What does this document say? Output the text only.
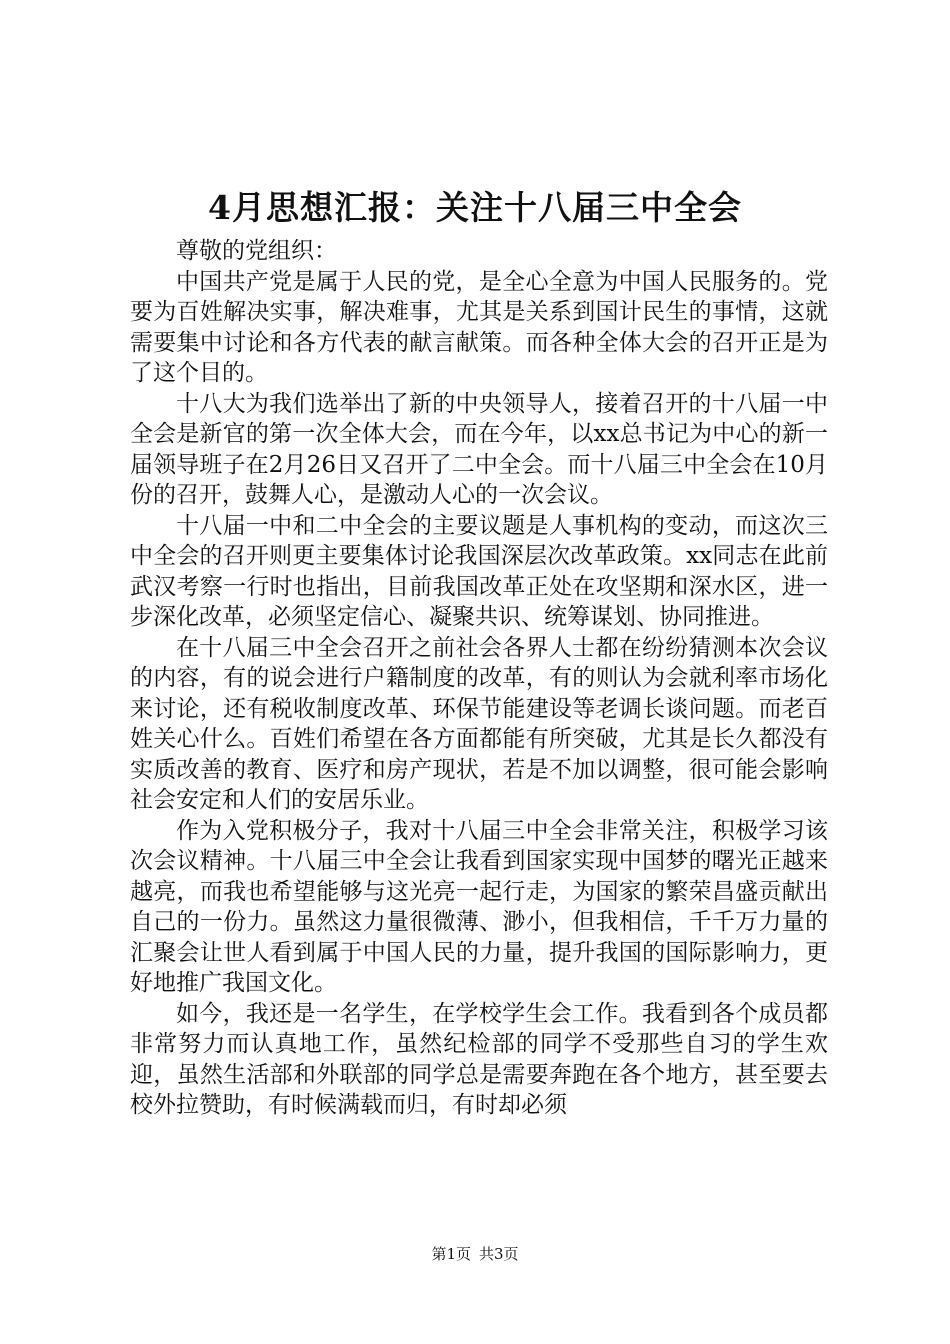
4月思想汇报：关注十八届三中全会

尊敬的党组织：

中国共产党是属于人民的党，是全心全意为中国人民服务的。党要为百姓解决实事，解决难事，尤其是关系到国计民生的事情，这就需要集中讨论和各方代表的献言献策。而各种全体大会的召开正是为了这个目的。

十八大为我们选举出了新的中央领导人，接着召开的十八届一中全会是新官的第一次全体大会，而在今年，以xx总书记为中心的新一届领导班子在2月26日又召开了二中全会。而十八届三中全会在10月份的召开，鼓舞人心，是激动人心的一次会议。

十八届一中和二中全会的主要议题是人事机构的变动，而这次三中全会的召开则更主要集体讨论我国深层次改革政策。xx同志在此前武汉考察一行时也指出，目前我国改革正处在攻坚期和深水区，进一步深化改革，必须坚定信心、凝聚共识、统筹谋划、协同推进。

在十八届三中全会召开之前社会各界人士都在纷纷猜测本次会议的内容，有的说会进行户籍制度的改革，有的则认为会就利率市场化来讨论，还有税收制度改革、环保节能建设等老调长谈问题。而老百姓关心什么。百姓们希望在各方面都能有所突破，尤其是长久都没有实质改善的教育、医疗和房产现状，若是不加以调整，很可能会影响社会安定和人们的安居乐业。

作为入党积极分子，我对十八届三中全会非常关注，积极学习该次会议精神。十八届三中全会让我看到国家实现中国梦的曙光正越来越亮，而我也希望能够与这光亮一起行走，为国家的繁荣昌盛贡献出自己的一份力。虽然这力量很微薄、渺小，但我相信，千千万力量的汇聚会让世人看到属于中国人民的力量，提升我国的国际影响力，更好地推广我国文化。

如今，我还是一名学生，在学校学生会工作。我看到各个成员都非常努力而认真地工作，虽然纪检部的同学不受那些自习的学生欢迎，虽然生活部和外联部的同学总是需要奔跑在各个地方，甚至要去校外拉赞助，有时候满载而归，有时却必须

第1页 共3页
